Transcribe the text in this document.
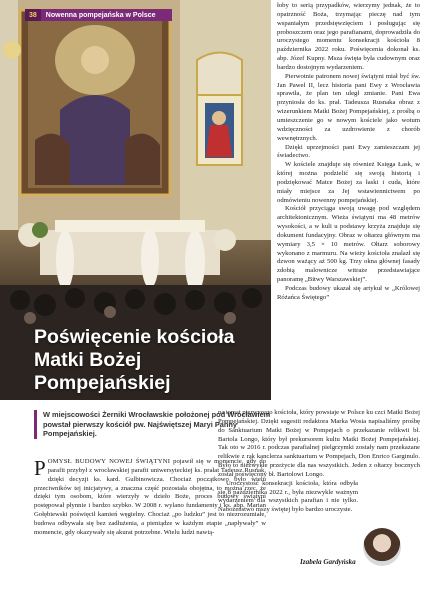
38	Nowenna pompejańska w Polsce
Poświęcenie kościoła Matki Bożej Pompejańskiej
W miejscowości Żerniki Wrocławskie położonej pod Wrocławiem powstał pierwszy kościół pw. Najświętszej Maryi Panny Pompejańskiej.

POMYSŁ BUDOWY NOWEJ ŚWIĄTYNI pojawił się w momencie, gdy do parafii przybył z wrocławskiej parafii uniwersyteckiej ks. prałat Tadeusz Rusnak, dzięki decyzji ks. kard. Gulbinowicza. Chociaż początkowo było wielu przeciwników tej inicjatywy, a znaczna część pozostała obojętna, to można rzec, że dzięki tym osobom, które wierzyły w dzieło Boże, proces budowy świątyni postępował płynnie i bardzo szybko. W 2008 r. wylano fundamenty i ks. abp. Marian Gołębiewski poświęcił kamień węgielny. Chociaż „po ludzku” jest to niezrozumiałe, budowa odbywała się bez zadłużenia, a pieniądze w każdym etapie „napływały” w momencie, gdy okazywały się akurat potrzebne. Wielu ludzi nawią-

łoby to serią przypadków, wierzymy jednak, że to opatrzność Boża, trzymając pieczę nad tym wspaniałym przedsięwzięciem i posługując się proboszczem oraz jego parafianami, doprowadziła do uroczystego momentu konsekracji kościoła 8 października 2022 roku. Poświęcenia dokonał ks. abp. Józef Kupny. Msza święta była cudownym oraz bardzo dostojnym wydarzeniem.

Pierwotnie patronem nowej świątyni miał być św. Jan Paweł II, lecz historia pani Ewy z Wrocławia sprawiła, że plan ten uległ zmianie. Pani Ewa przyniosła do ks. prał. Tadeusza Rusnaka obraz z wizerunkiem Matki Bożej Pompejańskiej, z prośbą o umieszczenie go w nowym kościele jako wotum wdzięczności za uzdrowienie z chorób wewnętrznych.

Dzięki uprzejmości pani Ewy zamieszczam jej świadectwo.

W kościele znajduje się również Księga Łask, w której można podzielić się swoją historią i podziękować Matce Bożej za łaski i cuda, które miały miejsce za Jej wstawiennictwem po odmówieniu nowenny pompejańskiej.

Kościół przyciąga swoją uwagę pod względem architektonicznym. Wieża świątyni ma 48 metrów wysokości, a w kuli u podstawy krzyża znajduje się dokument fundacyjny. Obraz w ołtarzu głównym ma wymiary 3,5 × 10 metrów. Ołtarz soborowy wykonano z marmuru. Na wieży kościoła znalazł się dzwon ważący aż 500 kg. Trzy okna głównej fasady zdobią malownicze witraże przedstawiające panoramę „Bitwy Warszawskiej”.

Podczas budowy ukazał się artykuł w „Królowej Różańca Świętego”

na temat pierwszego kościoła, który powstaje w Polsce ku czci Matki Bożej Pompejańskiej. Dzięki sugestii redaktora Marka Wosia napisaliśmy prośbę do Sanktuarium Matki Bożej w Pompejach o przekazanie relikwii bł. Bartola Longo, który był prekursorem kultu Matki Bożej Pompejańskiej. Tak oto w 2016 r. podczas parafialnej pielgrzymki zostały nam przekazane relikwie z rąk kanclerza sanktuarium w Pompejach, Don Enrico Garginulo. Było to niezwykłe przeżycie dla nas wszystkich. Jeden z ołtarzy bocznych został poświęcony bł. Bartolowi Longo.

Uroczystość konsekracji kościoła, która odbyła się 8 października 2022 r., była niezwykle ważnym wydarzeniem dla wszystkich parafian i nie tylko. Nabożeństwo mszy świętej było bardzo uroczyste.

Izabela Gardyńska
